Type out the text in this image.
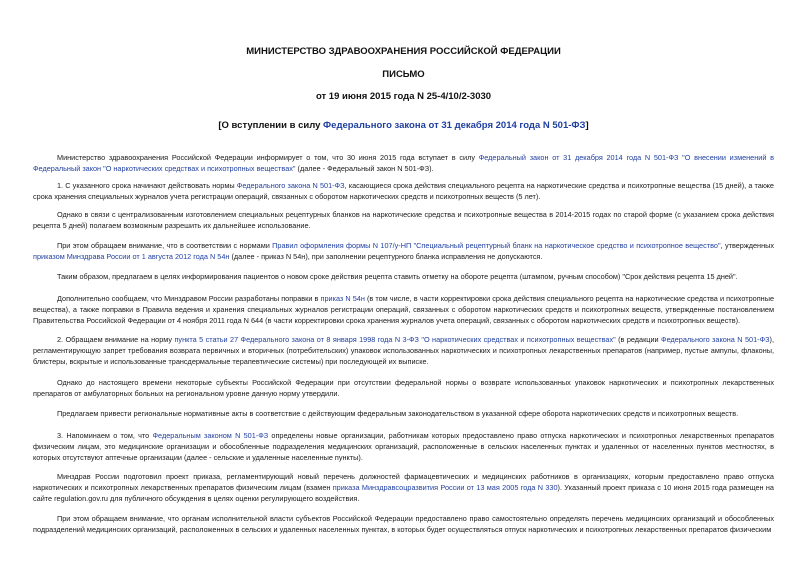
МИНИСТЕРСТВО ЗДРАВООХРАНЕНИЯ РОССИЙСКОЙ ФЕДЕРАЦИИ
ПИСЬМО
от 19 июня 2015 года N 25-4/10/2-3030
[О вступлении в силу Федерального закона от 31 декабря 2014 года N 501-ФЗ]

Министерство здравоохранения Российской Федерации информирует о том, что 30 июня 2015 года вступает в силу Федеральный закон от 31 декабря 2014 года N 501-ФЗ "О внесении изменений в Федеральный закон "О наркотических средствах и психотропных веществах" (далее - Федеральный закон N 501-ФЗ).

1. С указанного срока начинают действовать нормы Федерального закона N 501-ФЗ, касающиеся срока действия специального рецепта на наркотические средства и психотропные вещества (15 дней), а также срока хранения специальных журналов учета регистрации операций, связанных с оборотом наркотических средств и психотропных веществ (5 лет).

Однако в связи с централизованным изготовлением специальных рецептурных бланков на наркотические средства и психотропные вещества в 2014-2015 годах по старой форме (с указанием срока действия рецепта 5 дней) полагаем возможным разрешить их дальнейшее использование.

При этом обращаем внимание, что в соответствии с нормами Правил оформления формы N 107/у-НП "Специальный рецептурный бланк на наркотическое средство и психотропное вещество", утвержденных приказом Минздрава России от 1 августа 2012 года N 54н (далее - приказ N 54н), при заполнении рецептурного бланка исправления не допускаются.

Таким образом, предлагаем в целях информирования пациентов о новом сроке действия рецепта ставить отметку на обороте рецепта (штампом, ручным способом) "Срок действия рецепта 15 дней".

Дополнительно сообщаем, что Минздравом России разработаны поправки в приказ N 54н (в том числе, в части корректировки срока действия специального рецепта на наркотические средства и психотропные вещества), а также поправки в Правила ведения и хранения специальных журналов регистрации операций, связанных с оборотом наркотических средств и психотропных веществ, утвержденные постановлением Правительства Российской Федерации от 4 ноября 2011 года N 644 (в части корректировки срока хранения журналов учета операций, связанных с оборотом наркотических средств и психотропных веществ).

2. Обращаем внимание на норму пункта 5 статьи 27 Федерального закона от 8 января 1998 года N 3-ФЗ "О наркотических средствах и психотропных веществах" (в редакции Федерального закона N 501-ФЗ), регламентирующую запрет требования возврата первичных и вторичных (потребительских) упаковок использованных наркотических и психотропных лекарственных препаратов (например, пустые ампулы, флаконы, блистеры, вскрытые и использованные трансдермальные терапевтические системы) при последующей их выписке.

Однако до настоящего времени некоторые субъекты Российской Федерации при отсутствии федеральной нормы о возврате использованных упаковок наркотических и психотропных лекарственных препаратов от амбулаторных больных на региональном уровне данную норму утвердили.

Предлагаем привести региональные нормативные акты в соответствие с действующим федеральным законодательством в указанной сфере оборота наркотических средств и психотропных веществ.

3. Напоминаем о том, что Федеральным законом N 501-ФЗ определены новые организации, работникам которых предоставлено право отпуска наркотических и психотропных лекарственных препаратов физическим лицам, это медицинские организации и обособленные подразделения медицинских организаций, расположенные в сельских населенных пунктах и удаленных от населенных пунктов местностях, в которых отсутствуют аптечные организации (далее - сельские и удаленные населенные пункты).

Минздрав России подготовил проект приказа, регламентирующий новый перечень должностей фармацевтических и медицинских работников в организациях, которым предоставлено право отпуска наркотических и психотропных лекарственных препаратов физическим лицам (взамен приказа Минздравсоцразвития России от 13 мая 2005 года N 330). Указанный проект приказа с 10 июня 2015 года размещен на сайте regulation.gov.ru для публичного обсуждения в целях оценки регулирующего воздействия.

При этом обращаем внимание, что органам исполнительной власти субъектов Российской Федерации предоставлено право самостоятельно определять перечень медицинских организаций и обособленных подразделений медицинских организаций, расположенных в сельских и удаленных населенных пунктах, в которых будет осуществляться отпуск наркотических и психотропных лекарственных препаратов физическим
